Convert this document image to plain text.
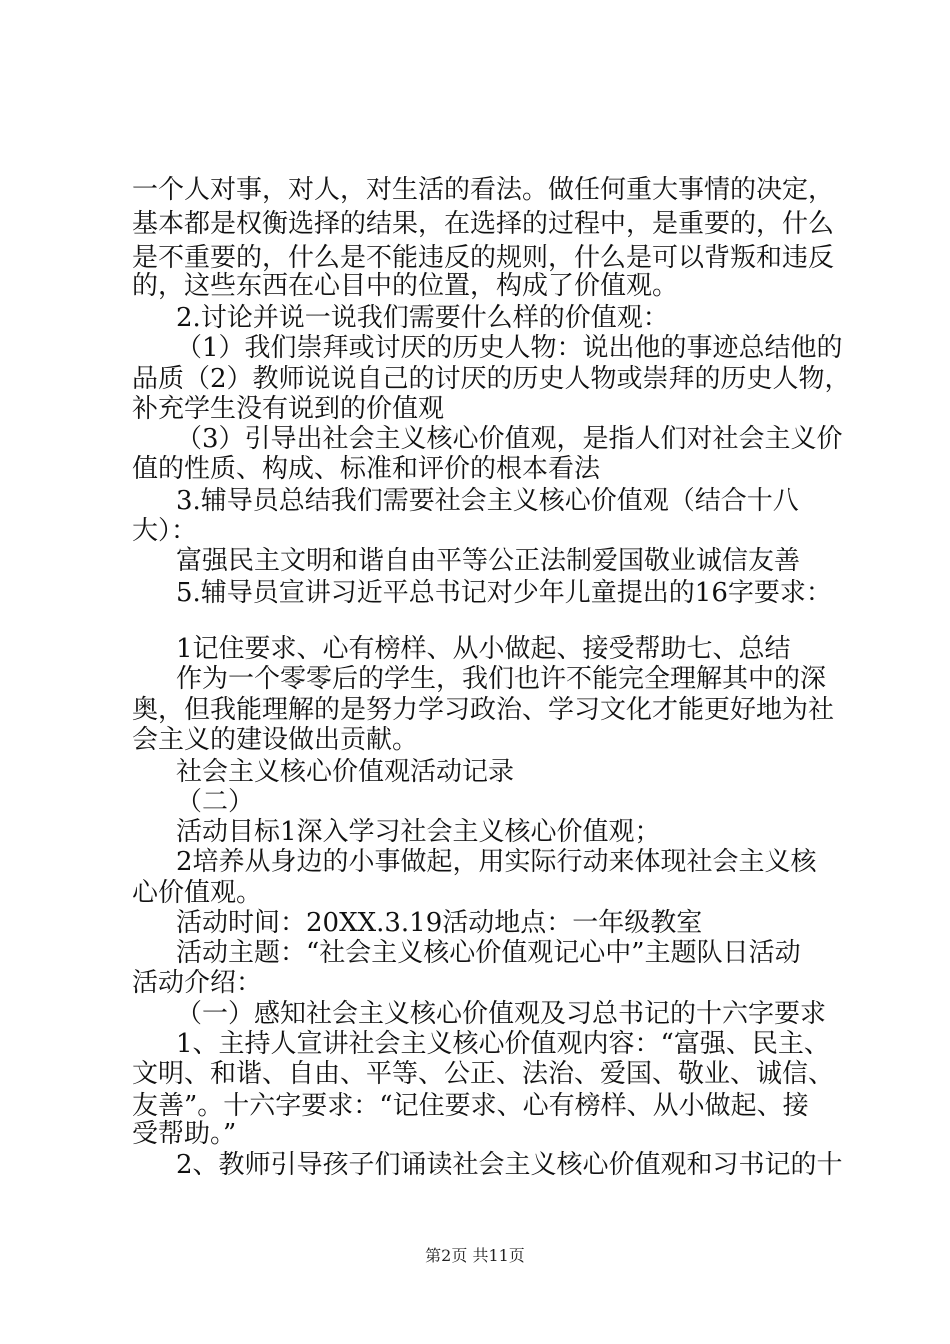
一个人对事，对人，对生活的看法。做任何重大事情的决定，
基本都是权衡选择的结果，在选择的过程中，是重要的，什么
是不重要的，什么是不能违反的规则，什么是可以背叛和违反
的，这些东西在心目中的位置，构成了价值观。
2.讨论并说一说我们需要什么样的价值观：
（1）我们崇拜或讨厌的历史人物：说出他的事迹总结他的
品质（2）教师说说自己的讨厌的历史人物或崇拜的历史人物，
补充学生没有说到的价值观
（3）引导出社会主义核心价值观，是指人们对社会主义价
值的性质、构成、标准和评价的根本看法
3.辅导员总结我们需要社会主义核心价值观（结合十八
大）：
富强民主文明和谐自由平等公正法制爱国敬业诚信友善
5.辅导员宣讲习近平总书记对少年儿童提出的16字要求：
1记住要求、心有榜样、从小做起、接受帮助七、总结
作为一个零零后的学生，我们也许不能完全理解其中的深
奥，但我能理解的是努力学习政治、学习文化才能更好地为社
会主义的建设做出贡献。
社会主义核心价值观活动记录
（二）
活动目标1深入学习社会主义核心价值观；
2培养从身边的小事做起，用实际行动来体现社会主义核
心价值观。
活动时间：20XX.3.19活动地点：一年级教室
活动主题：“社会主义核心价值观记心中”主题队日活动
活动介绍：
（一）感知社会主义核心价值观及习总书记的十六字要求
1、主持人宣讲社会主义核心价值观内容：“富强、民主、
文明、和谐、自由、平等、公正、法治、爱国、敬业、诚信、
友善”。十六字要求：“记住要求、心有榜样、从小做起、接
受帮助。”
2、教师引导孩子们诵读社会主义核心价值观和习书记的十
第2页 共11页
